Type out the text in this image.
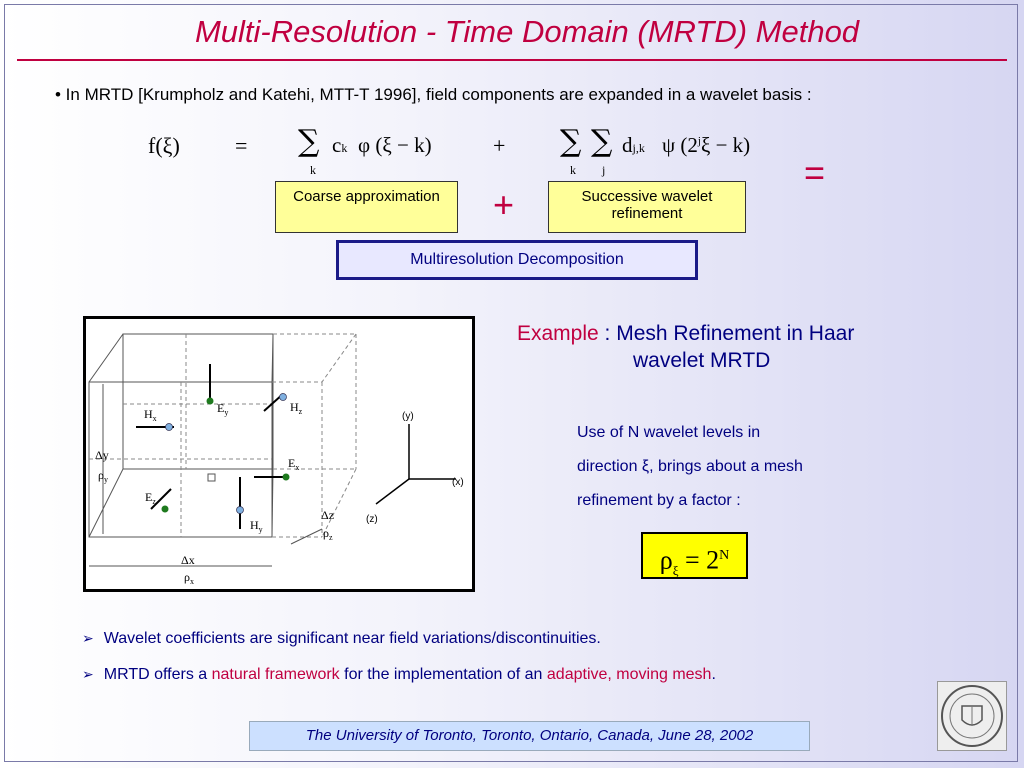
Multi-Resolution - Time Domain (MRTD) Method
• In MRTD [Krumpholz and Katehi, MTT-T 1996], field components are expanded in a wavelet basis :
f(ξ)	= ∑
k
ck φ (ξ − k)	+ ∑
k
∑
j
dj,k ψ $(2^j\xi - k)$
Coarse approximation	+	Successive wavelet refinement
=
Multiresolution Decomposition
$H_x$
$E_y$	$H_z$
$E_x$
$E_z$
$H_y$
Δy
$\rho_y$
Δz
$\rho_z$
Δx
$\rho_x$
(y)
(x)
(z)
Example : Mesh Refinement in Haar
wavelet MRTD
Use of N wavelet levels in
direction ξ, brings about a mesh
refinement by a factor :
$\rho_\xi = 2^N$
➢ Wavelet coefficients are significant near field variations/discontinuities.
➢ MRTD offers a natural framework for the implementation of an adaptive, moving mesh.
The University of Toronto, Toronto, Ontario, Canada, June 28, 2002
